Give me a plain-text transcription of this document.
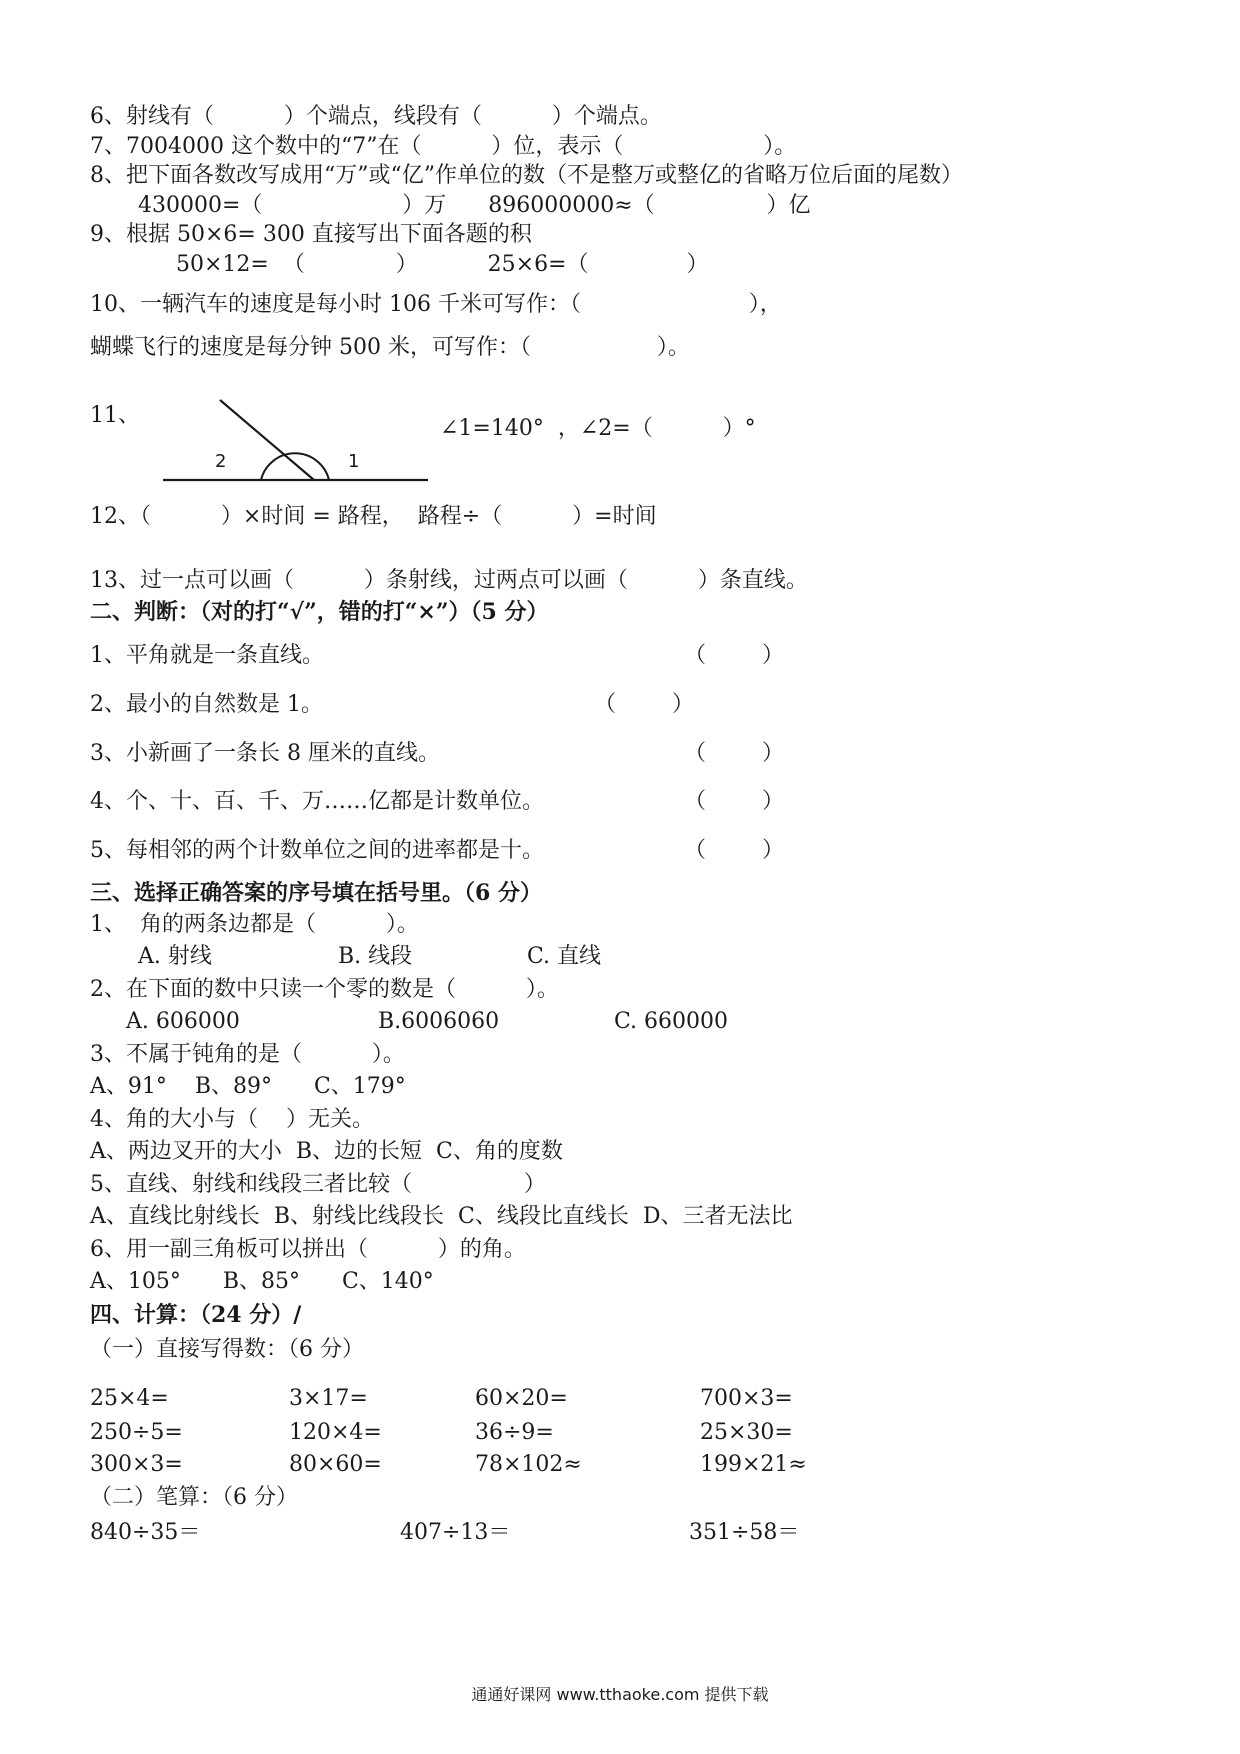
6、射线有（          ）个端点，线段有（          ）个端点。
7、7004000 这个数中的“7”在（          ）位，表示（                    ）。
8、把下面各数改写成用“万”或“亿”作单位的数（不是整万或整亿的省略万位后面的尾数）
430000=（                    ）万      896000000≈（                ）亿
9、根据 50×6= 300 直接写出下面各题的积
50×12=  （             ）          25×6=（              ）
10、一辆汽车的速度是每小时 106 千米可写作：（                        ），
蝴蝶飞行的速度是每分钟 500 米，可写作：（                  ）。
11、
2	1
∠1=140°  ，∠2=（          ）°
12、（          ）×时间 = 路程，  路程÷（          ）=时间
13、过一点可以画（          ）条射线，过两点可以画（          ）条直线。
二、判断：（对的打“√”，错的打“×”）（5 分）
1、平角就是一条直线。	（        ）
2、最小的自然数是 1。	（        ）
3、小新画了一条长 8 厘米的直线。	（        ）
4、个、十、百、千、万……亿都是计数单位。	（        ）
5、每相邻的两个计数单位之间的进率都是十。	（        ）
三、选择正确答案的序号填在括号里。（6 分）
1、  角的两条边都是（          ）。
A. 射线	B. 线段	C. 直线
2、在下面的数中只读一个零的数是（          ）。
A. 606000	B.6006060	C. 660000
3、不属于钝角的是（          ）。
A、91°    B、89°      C、179°
4、角的大小与（    ）无关。
A、两边叉开的大小  B、边的长短  C、角的度数
5、直线、射线和线段三者比较（                ）
A、直线比射线长  B、射线比线段长  C、线段比直线长  D、三者无法比
6、用一副三角板可以拼出（          ）的角。
A、105°      B、85°      C、140°
四、计算：（24 分）/
（一）直接写得数：（6 分）
25×4=	3×17=	60×20=	700×3=
250÷5=	120×4=	36÷9=	25×30=
300×3=	80×60=	78×102≈	199×21≈
（二）笔算：（6 分）
840÷35＝	407÷13＝	351÷58＝
通通好课网 www.tthaoke.com 提供下载
